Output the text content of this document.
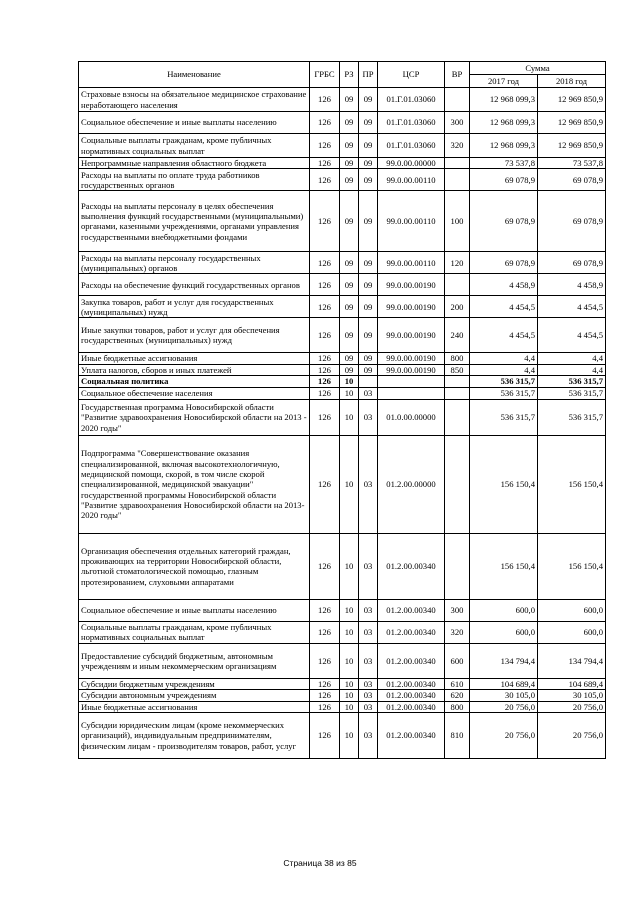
Наименование	ГРБС	РЗ	ПР	ЦСР	ВР	Сумма	
						2017 год	2018 год
Страховые взносы на обязательное медицинское страхование неработающего населения	126	09	09	01.Г.01.03060		12 968 099,3	12 969 850,9
Социальное обеспечение и иные выплаты населению	126	09	09	01.Г.01.03060	300	12 968 099,3	12 969 850,9
Социальные выплаты гражданам, кроме публичных нормативных социальных выплат	126	09	09	01.Г.01.03060	320	12 968 099,3	12 969 850,9
Непрограммные направления областного бюджета	126	09	09	99.0.00.00000		73 537,8	73 537,8
Расходы на выплаты по оплате труда работников государственных органов	126	09	09	99.0.00.00110		69 078,9	69 078,9
Расходы на выплаты персоналу в целях обеспечения выполнения функций государственными (муниципальными) органами, казенными учреждениями, органами управления государственными внебюджетными фондами	126	09	09	99.0.00.00110	100	69 078,9	69 078,9
Расходы на выплаты персоналу государственных (муниципальных) органов	126	09	09	99.0.00.00110	120	69 078,9	69 078,9
Расходы на обеспечение функций государственных органов	126	09	09	99.0.00.00190		4 458,9	4 458,9
Закупка товаров, работ и услуг для государственных (муниципальных) нужд	126	09	09	99.0.00.00190	200	4 454,5	4 454,5
Иные закупки товаров, работ и услуг для обеспечения государственных (муниципальных) нужд	126	09	09	99.0.00.00190	240	4 454,5	4 454,5
Иные бюджетные ассигнования	126	09	09	99.0.00.00190	800	4,4	4,4
Уплата налогов, сборов и иных платежей	126	09	09	99.0.00.00190	850	4,4	4,4
Социальная политика	126	10				536 315,7	536 315,7
Социальное обеспечение населения	126	10	03			536 315,7	536 315,7
Государственная программа Новосибирской области "Развитие здравоохранения Новосибирской области на 2013 - 2020 годы"	126	10	03	01.0.00.00000		536 315,7	536 315,7
Подпрограмма "Совершенствование оказания специализированной, включая высокотехнологичную, медицинской помощи, скорой, в том числе скорой специализированной, медицинской эвакуации" государственной программы Новосибирской области "Развитие здравоохранения Новосибирской области на 2013-2020 годы"	126	10	03	01.2.00.00000		156 150,4	156 150,4
Организация обеспечения отдельных категорий граждан, проживающих на территории Новосибирской области, льготной стоматологической помощью, глазным протезированием, слуховыми аппаратами	126	10	03	01.2.00.00340		156 150,4	156 150,4
Социальное обеспечение и иные выплаты населению	126	10	03	01.2.00.00340	300	600,0	600,0
Социальные выплаты гражданам, кроме публичных нормативных социальных выплат	126	10	03	01.2.00.00340	320	600,0	600,0
Предоставление субсидий бюджетным, автономным учреждениям и иным некоммерческим организациям	126	10	03	01.2.00.00340	600	134 794,4	134 794,4
Субсидии бюджетным учреждениям	126	10	03	01.2.00.00340	610	104 689,4	104 689,4
Субсидии автономным учреждениям	126	10	03	01.2.00.00340	620	30 105,0	30 105,0
Иные бюджетные ассигнования	126	10	03	01.2.00.00340	800	20 756,0	20 756,0
Субсидии юридическим лицам (кроме некоммерческих организаций), индивидуальным предпринимателям, физическим лицам - производителям товаров, работ, услуг	126	10	03	01.2.00.00340	810	20 756,0	20 756,0
Страница 38 из 85
